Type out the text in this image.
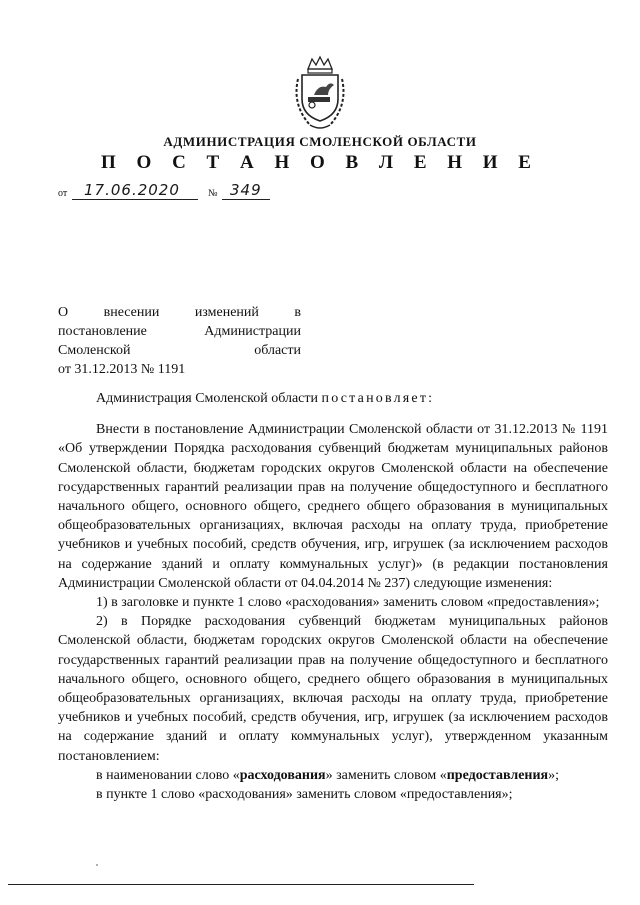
АДМИНИСТРАЦИЯ СМОЛЕНСКОЙ ОБЛАСТИ
П О С Т А Н О В Л Е Н И Е
от 17.06.2020	№ 349
О внесении изменений в
постановление Администрации
Смоленской области
от 31.12.2013 № 1191

Администрация Смоленской области постановляет:

Внести в постановление Администрации Смоленской области от 31.12.2013 № 1191 «Об утверждении Порядка расходования субвенций бюджетам муниципальных районов Смоленской области, бюджетам городских округов Смоленской области на обеспечение государственных гарантий реализации прав на получение общедоступного и бесплатного начального общего, основного общего, среднего общего образования в муниципальных общеобразовательных организациях, включая расходы на оплату труда, приобретение учебников и учебных пособий, средств обучения, игр, игрушек (за исключением расходов на содержание зданий и оплату коммунальных услуг)» (в редакции постановления Администрации Смоленской области от 04.04.2014 № 237) следующие изменения:

1) в заголовке и пункте 1 слово «расходования» заменить словом «предоставления»;

2) в Порядке расходования субвенций бюджетам муниципальных районов Смоленской области, бюджетам городских округов Смоленской области на обеспечение государственных гарантий реализации прав на получение общедоступного и бесплатного начального общего, основного общего, среднего общего образования в муниципальных общеобразовательных организациях, включая расходы на оплату труда, приобретение учебников и учебных пособий, средств обучения, игр, игрушек (за исключением расходов на содержание зданий и оплату коммунальных услуг), утвержденном указанным постановлением:

в наименовании слово «расходования» заменить словом «предоставления»;

в пункте 1 слово «расходования» заменить словом «предоставления»;
